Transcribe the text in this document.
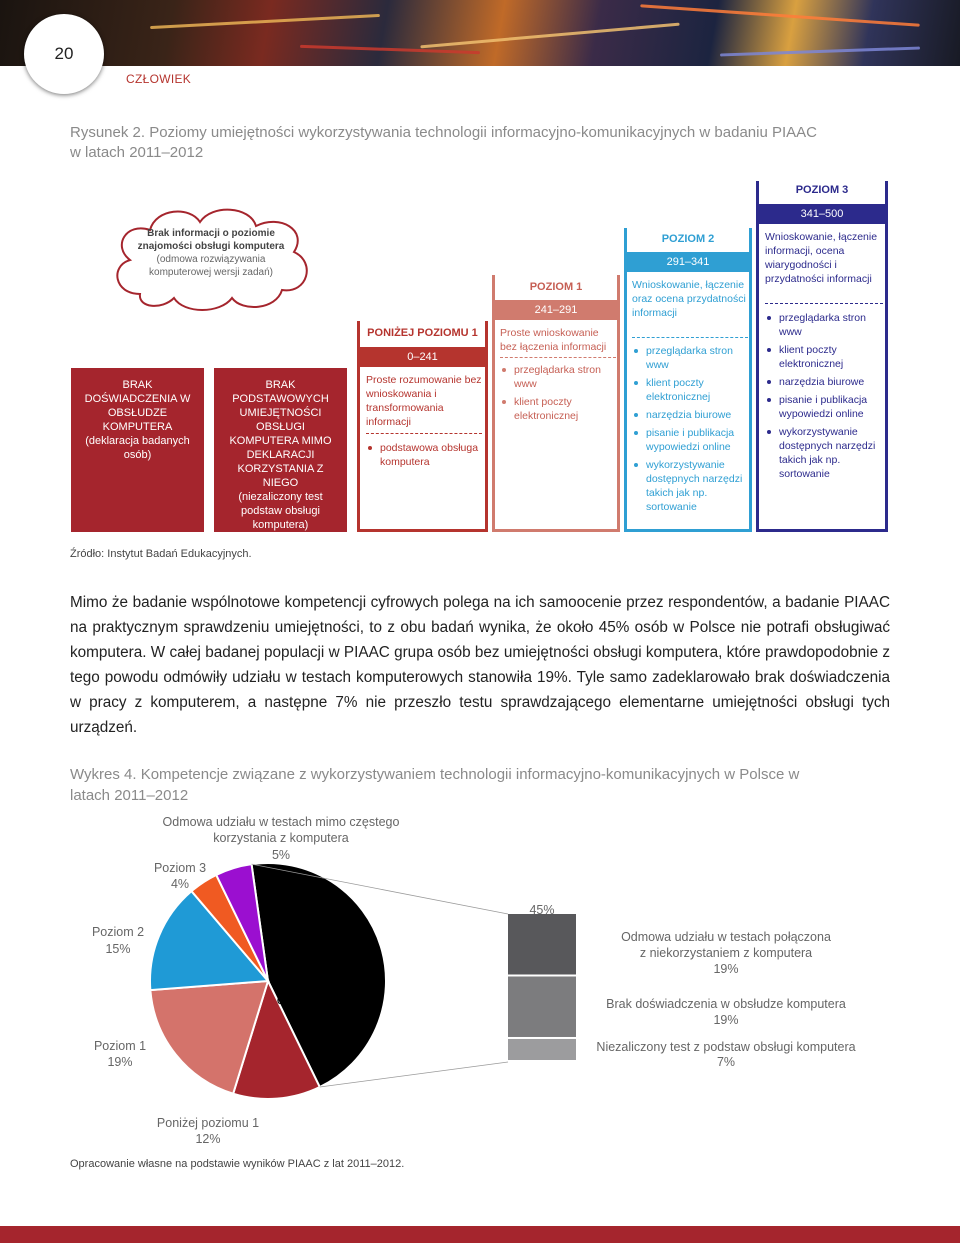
20
CZŁOWIEK
Rysunek 2. Poziomy umiejętności wykorzystywania technologii informacyjno-komunikacyjnych w badaniu PIAAC w latach 2011–2012
Brak informacji o poziomie znajomości obsługi komputera
(odmowa rozwiązywania komputerowej wersji zadań)
BRAK DOŚWIADCZENIA W OBSŁUDZE KOMPUTERA
(deklaracja badanych osób)
BRAK PODSTAWOWYCH UMIEJĘTNOŚCI OBSŁUGI KOMPUTERA MIMO DEKLARACJI KORZYSTANIA Z NIEGO
(niezaliczony test podstaw obsługi komputera)
PONIŻEJ POZIOMU 1
0–241
Proste rozumowanie bez wnioskowania i transformowania informacji
podstawowa obsługa komputera
POZIOM 1
241–291
Proste wnioskowanie bez łączenia informacji
przeglądarka stron www
klient poczty elektronicznej
POZIOM 2
291–341
Wnioskowanie, łączenie oraz ocena przydatności informacji
przeglądarka stron www
klient poczty elektronicznej
narzędzia biurowe
pisanie i publikacja wypowiedzi online
wykorzystywanie dostępnych narzędzi takich jak np. sortowanie
POZIOM 3
341–500
Wnioskowanie, łączenie informacji, ocena wiarygodności i przydatności informacji
przeglądarka stron www
klient poczty elektronicznej
narzędzia biurowe
pisanie i publikacja wypowiedzi online
wykorzystywanie dostępnych narzędzi takich jak np. sortowanie
Źródło: Instytut Badań Edukacyjnych.
Mimo że badanie wspólnotowe kompetencji cyfrowych polega na ich samoocenie przez respondentów, a badanie PIAAC na praktycznym sprawdzeniu umiejętności, to z obu badań wynika, że około 45% osób w Polsce nie potrafi obsługiwać komputera. W całej badanej populacji w PIAAC grupa osób bez umiejętności obsługi komputera, które prawdopodobnie z tego powodu odmówiły udziału w testach komputerowych stanowiła 19%. Tyle samo zadeklarowało brak doświadczenia w pracy z komputerem, a następne 7% nie przeszło testu sprawdzającego elementarne umiejętności obsługi tych urządzeń.
Wykres 4. Kompetencje związane z wykorzystywaniem technologii informacyjno-komunikacyjnych w Polsce w latach 2011–2012
45%
Odmowa udziału w testach mimo częstego
korzystania z komputera
5%
Poziom 3
4%
Poziom 2
15%
Poziom 1
19%
Poniżej poziomu 1
12%
Brak umiejętności
obsługi komputera
Odmowa udziału w testach połączona
z niekorzystaniem z komputera
19%
Brak doświadczenia w obsłudze komputera
19%
Niezaliczony test z podstaw obsługi komputera
7%
Opracowanie własne na podstawie wyników PIAAC z lat 2011–2012.
